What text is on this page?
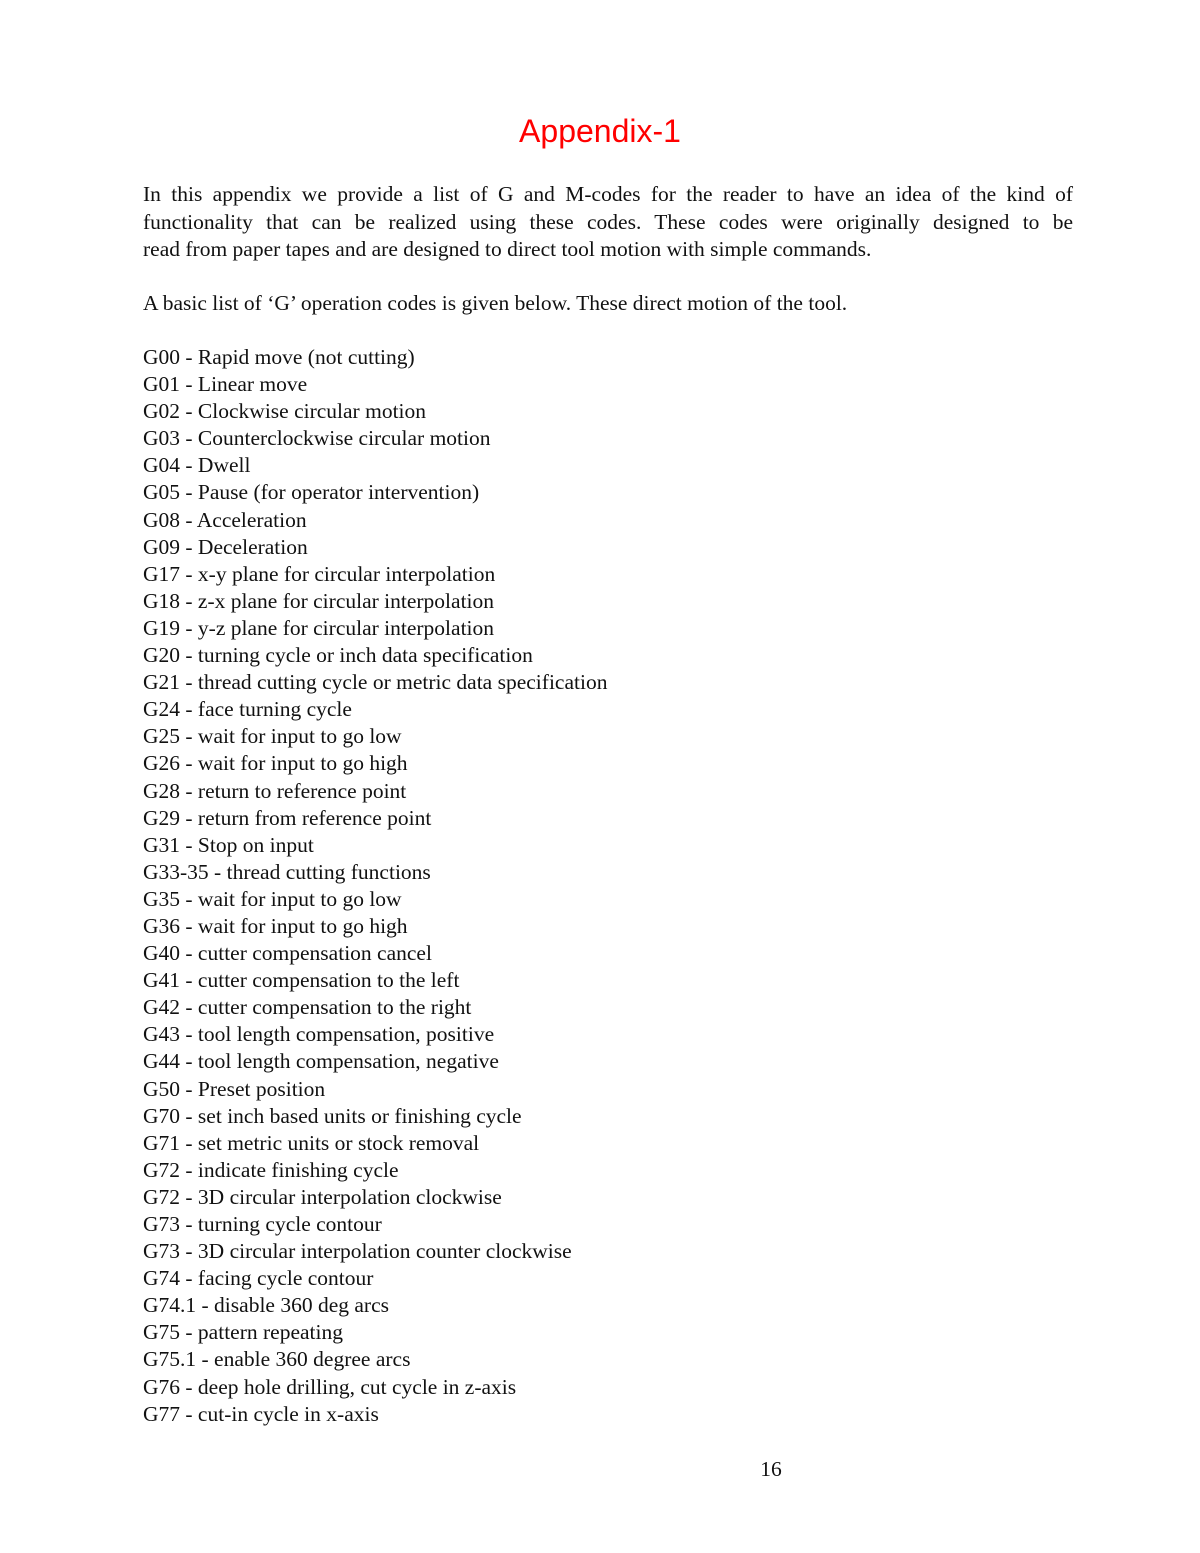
Appendix-1
In this appendix we provide a list of G and M-codes for the reader to have an idea of the kind of
functionality that can be realized using these codes. These codes were originally designed to be
read from paper tapes and are designed to direct tool motion with simple commands.
A basic list of ‘G’ operation codes is given below. These direct motion of the tool.
G00 - Rapid move (not cutting)
G01 - Linear move
G02 - Clockwise circular motion
G03 - Counterclockwise circular motion
G04 - Dwell
G05 - Pause (for operator intervention)
G08 - Acceleration
G09 - Deceleration
G17 - x-y plane for circular interpolation
G18 - z-x plane for circular interpolation
G19 - y-z plane for circular interpolation
G20 - turning cycle or inch data specification
G21 - thread cutting cycle or metric data specification
G24 - face turning cycle
G25 - wait for input to go low
G26 - wait for input to go high
G28 - return to reference point
G29 - return from reference point
G31 - Stop on input
G33-35 - thread cutting functions
G35 - wait for input to go low
G36 - wait for input to go high
G40 - cutter compensation cancel
G41 - cutter compensation to the left
G42 - cutter compensation to the right
G43 - tool length compensation, positive
G44 - tool length compensation, negative
G50 - Preset position
G70 - set inch based units or finishing cycle
G71 - set metric units or stock removal
G72 - indicate finishing cycle
G72 - 3D circular interpolation clockwise
G73 - turning cycle contour
G73 - 3D circular interpolation counter clockwise
G74 - facing cycle contour
G74.1 - disable 360 deg arcs
G75 - pattern repeating
G75.1 - enable 360 degree arcs
G76 - deep hole drilling, cut cycle in z-axis
G77 - cut-in cycle in x-axis
16
